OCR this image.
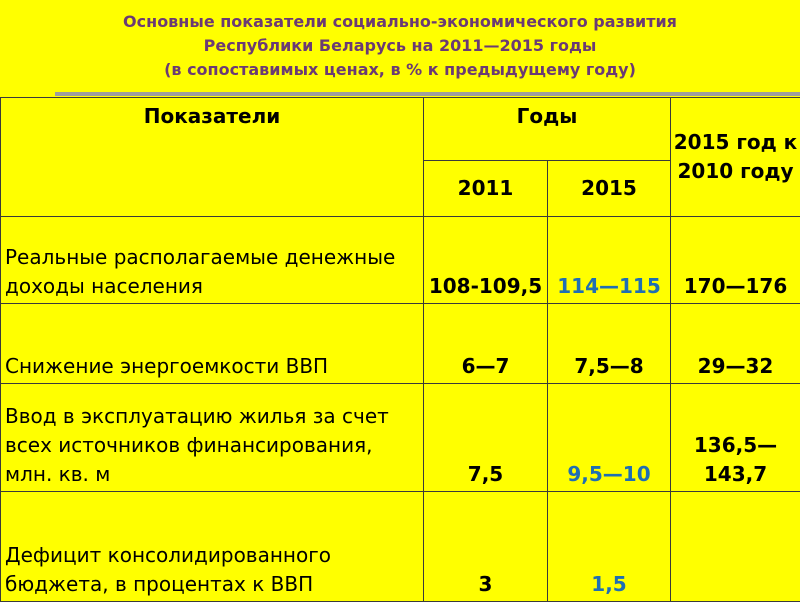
Основные показатели социально-экономического развития
Республики Беларусь на 2011—2015 годы
(в сопоставимых ценах, в % к предыдущему году)
Показатели	Годы		2015 год к 2010 году
	2011	2015	
Реальные располагаемые денежные доходы населения	108-109,5	114—115	170—176
Снижение энергоемкости ВВП	6—7	7,5—8	29—32
Ввод в эксплуатацию жилья за счет всех источников финансирования, млн. кв. м	7,5	9,5—10	136,5—143,7
Дефицит консолидированного бюджета, в процентах к ВВП	3	1,5	
